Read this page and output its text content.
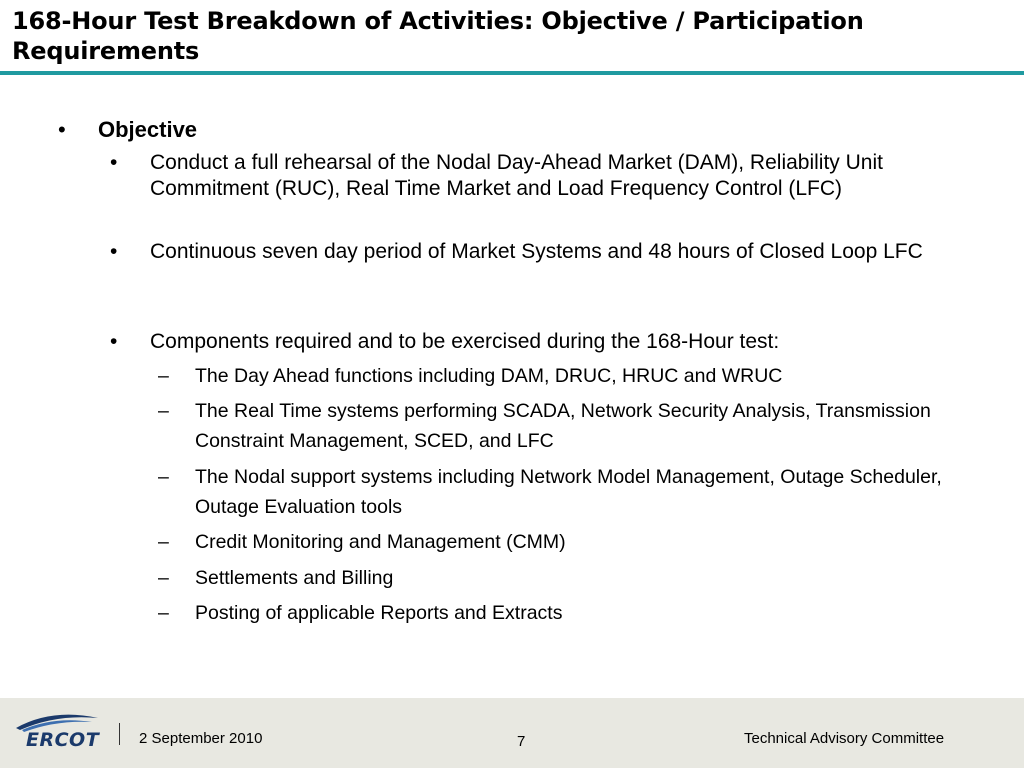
168-Hour Test Breakdown of Activities: Objective / Participation Requirements
• Objective
• Conduct a full rehearsal of the Nodal Day-Ahead Market (DAM), Reliability Unit Commitment (RUC), Real Time Market and Load Frequency Control (LFC)
• Continuous seven day period of Market Systems and 48 hours of Closed Loop LFC
• Components required and to be exercised during the 168-Hour test:
– The Day Ahead functions including DAM, DRUC, HRUC and WRUC
– The Real Time systems performing SCADA, Network Security Analysis, Transmission Constraint Management, SCED, and LFC
– The Nodal support systems including Network Model Management, Outage Scheduler, Outage Evaluation tools
– Credit Monitoring and Management (CMM)
– Settlements and Billing
– Posting of applicable Reports and Extracts
ERCOT	2 September 2010	7	Technical Advisory Committee
